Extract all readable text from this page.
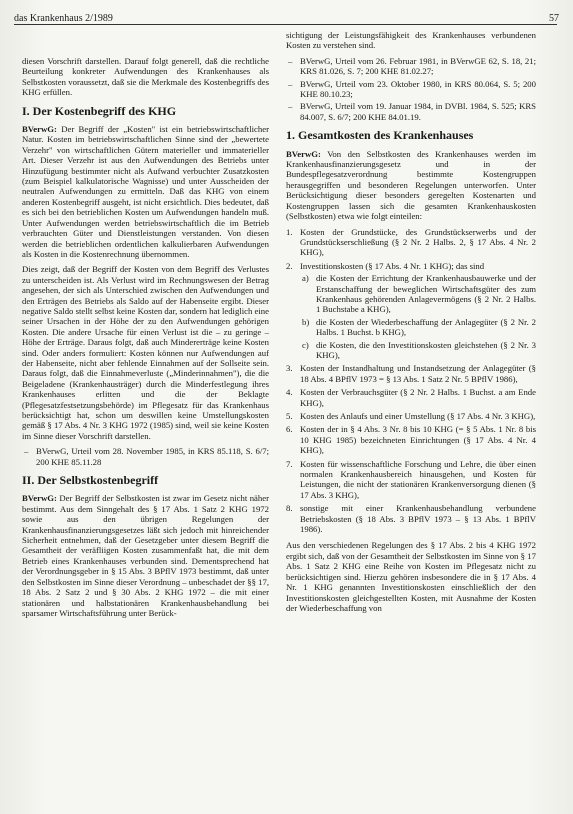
das Krankenhaus 2/1989	57

diesen Vorschrift darstellen. Darauf folgt generell, daß die rechtliche Beurteilung konkreter Aufwendungen des Krankenhauses als Selbstkosten voraussetzt, daß sie die Merkmale des Kostenbegriffs des KHG erfüllen.

I. Der Kostenbegriff des KHG

BVerwG: Der Begriff der „Kosten" ist ein betriebswirtschaftlicher Natur. Kosten im betriebswirtschaftlichen Sinne sind der „bewertete Verzehr" von wirtschaftlichen Gütern materieller und immaterieller Art. Dieser Verzehr ist aus den Aufwendungen des Betriebs unter Hinzufügung bestimmter nicht als Aufwand verbuchter Zusatzkosten (zum Beispiel kalkulatorische Wagnisse) und unter Ausscheiden der neutralen Aufwendungen zu ermitteln. Daß das KHG von einem anderen Kostenbegriff ausgeht, ist nicht ersichtlich. Dies bedeutet, daß es sich bei den betrieblichen Kosten um Aufwendungen handeln muß. Unter Aufwendungen werden betriebswirtschaftlich die im Betrieb verbrauchten Güter und Dienstleistungen verstanden. Von diesen werden die betrieblichen ordentlichen kalkulierbaren Aufwendungen als Kosten in die Kostenrechnung übernommen.

Dies zeigt, daß der Begriff der Kosten von dem Begriff des Verlustes zu unterscheiden ist. Als Verlust wird im Rechnungswesen der Betrag angesehen, der sich als Unterschied zwischen den Aufwendungen und den Erträgen des Betriebs als Saldo auf der Habenseite ergibt. Dieser negative Saldo stellt selbst keine Kosten dar, sondern hat lediglich eine seiner Ursachen in der Höhe der zu den Aufwendungen gehörigen Kosten. Die andere Ursache für einen Verlust ist die – zu geringe – Höhe der Erträge. Daraus folgt, daß auch Mindererträge keine Kosten sind. Oder anders formuliert: Kosten können nur Aufwendungen auf der Habenseite, nicht aber fehlende Einnahmen auf der Sollseite sein. Daraus folgt, daß die Einnahmeverluste („Minderinnahmen"), die die Beigeladene (Krankenhausträger) durch die Minderfestlegung ihres Krankenhauses erlitten und die der Beklagte (Pflegesatzfestsetzungsbehörde) im Pflegesatz für das Krankenhaus berücksichtigt hat, schon um deswillen keine Umstellungskosten gemäß § 17 Abs. 4 Nr. 3 KHG 1972 (1985) sind, weil sie keine Kosten im Sinne dieser Vorschrift darstellen.

– BVerwG, Urteil vom 28. November 1985, in KRS 85.118, S. 6/7; 200 KHE 85.11.28
II. Der Selbstkostenbegriff

BVerwG: Der Begriff der Selbstkosten ist zwar im Gesetz nicht näher bestimmt. Aus dem Sinngehalt des § 17 Abs. 1 Satz 2 KHG 1972 sowie aus den übrigen Regelungen der Krankenhausfinanzierungsgesetzes läßt sich jedoch mit hinreichender Sicherheit entnehmen, daß der Gesetzgeber unter diesem Begriff die Gesamtheit der veräfliigen Kosten zusammenfaßt hat, die mit dem Betrieb eines Krankenhauses verbunden sind. Dementsprechend hat der Verordnungsgeber in § 15 Abs. 3 BPflV 1973 bestimmt, daß unter den Selbstkosten im Sinne dieser Verordnung – unbeschadet der §§ 17, 18 Abs. 2 Satz 2 und § 30 Abs. 2 KHG 1972 – die mit einer stationären und halbstationären Krankenhausbehandlung bei sparsamer Wirtschaftsführung unter Berück-

sichtigung der Leistungsfähigkeit des Krankenhauses verbundenen Kosten zu verstehen sind.

– BVerwG, Urteil vom 26. Februar 1981, in BVerwGE 62, S. 18, 21; KRS 81.026, S. 7; 200 KHE 81.02.27;
– BVerwG, Urteil vom 23. Oktober 1980, in KRS 80.064, S. 5; 200 KHE 80.10.23;
– BVerwG, Urteil vom 19. Januar 1984, in DVBl. 1984, S. 525; KRS 84.007, S. 6/7; 200 KHE 84.01.19.
1. Gesamtkosten des Krankenhauses

BVerwG: Von den Selbstkosten des Krankenhauses werden im Krankenhausfinanzierungsgesetz und in der Bundespflegesatzverordnung bestimmte Kostengruppen herausgegriffen und besonderen Regelungen unterworfen. Unter Berücksichtigung dieser besonders geregelten Kostenarten und Kostengruppen lassen sich die gesamten Krankenhauskosten (Selbstkosten) etwa wie folgt einteilen:

1. Kosten der Grundstücke, des Grundstückserwerbs und der Grundstückserschließung (§ 2 Nr. 2 Halbs. 2, § 17 Abs. 4 Nr. 2 KHG),
2. Investitionskosten (§ 17 Abs. 4 Nr. 1 KHG); das sind
a) die Kosten der Errichtung der Krankenhausbauwerke und der Erstanschaffung der beweglichen Wirtschaftsgüter des zum Krankenhaus gehörenden Anlagevermögens (§ 2 Nr. 2 Halbs. 1 Buchstabe a KHG),
b) die Kosten der Wiederbeschaffung der Anlagegüter (§ 2 Nr. 2 Halbs. 1 Buchst. b KHG),
c) die Kosten, die den Investitionskosten gleichstehen (§ 2 Nr. 3 KHG),
3. Kosten der Instandhaltung und Instandsetzung der Anlagegüter (§ 18 Abs. 4 BPflV 1973 = § 13 Abs. 1 Satz 2 Nr. 5 BPflV 1986),
4. Kosten der Verbrauchsgüter (§ 2 Nr. 2 Halbs. 1 Buchst. a am Ende KHG),
5. Kosten des Anlaufs und einer Umstellung (§ 17 Abs. 4 Nr. 3 KHG),
6. Kosten der in § 4 Abs. 3 Nr. 8 bis 10 KHG (= § 5 Abs. 1 Nr. 8 bis 10 KHG 1985) bezeichneten Einrichtungen (§ 17 Abs. 4 Nr. 4 KHG),
7. Kosten für wissenschaftliche Forschung und Lehre, die über einen normalen Krankenhausbereich hinausgehen, und Kosten für Leistungen, die nicht der stationären Krankenversorgung dienen (§ 17 Abs. 3 KHG),
8. sonstige mit einer Krankenhausbehandlung verbundene Betriebskosten (§ 18 Abs. 3 BPflV 1973 – § 13 Abs. 1 BPflV 1986).

Aus den verschiedenen Regelungen des § 17 Abs. 2 bis 4 KHG 1972 ergibt sich, daß von der Gesamtheit der Selbstkosten im Sinne von § 17 Abs. 1 Satz 2 KHG eine Reihe von Kosten im Pflegesatz nicht zu berücksichtigen sind. Hierzu gehören insbesondere die in § 17 Abs. 4 Nr. 1 KHG genannten Investitionskosten einschließlich der den Investitionskosten gleichgestellten Kosten, mit Ausnahme der Kosten der Wiederbeschaffung von
